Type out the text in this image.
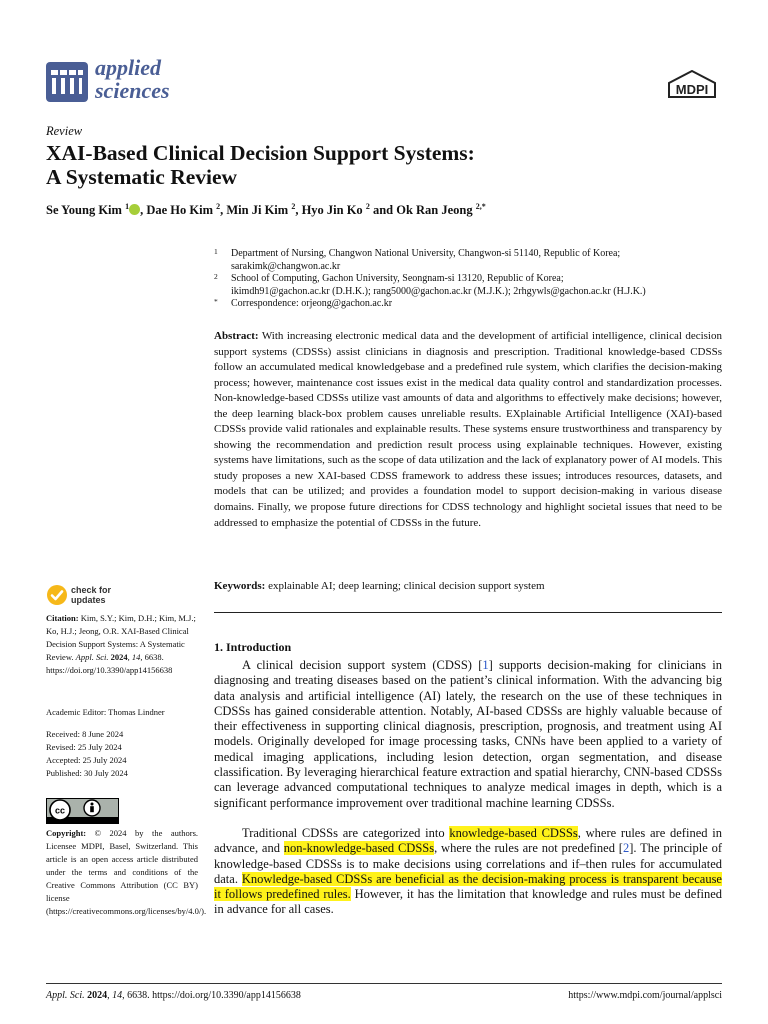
applied
sciences	MDPI
Review
XAI-Based Clinical Decision Support Systems:
A Systematic Review
Se Young Kim $^1$ , Dae Ho Kim $^2$, Min Ji Kim $^2$, Hyo Jin Ko $^2$ and Ok Ran Jeong $^{2,*}$
1 Department of Nursing, Changwon National University, Changwon-si 51140, Republic of Korea;
sarakimk@changwon.ac.kr
2 School of Computing, Gachon University, Seongnam-si 13120, Republic of Korea;
ikimdh91@gachon.ac.kr (D.H.K.); rang5000@gachon.ac.kr (M.J.K.); 2rhgywls@gachon.ac.kr (H.J.K.)
* Correspondence: orjeong@gachon.ac.kr

Abstract: With increasing electronic medical data and the development of artificial intelligence, clinical decision support systems (CDSSs) assist clinicians in diagnosis and prescription. Traditional knowledge-based CDSSs follow an accumulated medical knowledgebase and a predefined rule system, which clarifies the decision-making process; however, maintenance cost issues exist in the medical data quality control and standardization processes. Non-knowledge-based CDSSs utilize vast amounts of data and algorithms to effectively make decisions; however, the deep learning black-box problem causes unreliable results. EXplainable Artificial Intelligence (XAI)-based CDSSs provide valid rationales and explainable results. These systems ensure trustworthiness and transparency by showing the recommendation and prediction result process using explainable techniques. However, existing systems have limitations, such as the scope of data utilization and the lack of explanatory power of AI models. This study proposes a new XAI-based CDSS framework to address these issues; introduces resources, datasets, and models that can be utilized; and provides a foundation model to support decision-making in various disease domains. Finally, we propose future directions for CDSS technology and highlight societal issues that need to be addressed to emphasize the potential of CDSSs in the future.

Keywords: explainable AI; deep learning; clinical decision support system
1. Introduction

A clinical decision support system (CDSS) [1] supports decision-making for clinicians in diagnosing and treating diseases based on the patient’s clinical information. With the advancing big data analysis and artificial intelligence (AI) lately, the research on the use of these techniques in CDSSs has gained considerable attention. Notably, AI-based CDSSs are highly valuable because of their effectiveness in supporting clinical diagnosis, prescription, prognosis, and treatment using AI models. Originally developed for image processing tasks, CNNs have been applied to a variety of medical imaging applications, including lesion detection, organ segmentation, and disease classification. By leveraging hierarchical feature extraction and spatial hierarchy, CNN-based CDSSs can leverage advanced computational techniques to analyze medical images in depth, which is a significant performance improvement over traditional machine learning CDSSs.

Traditional CDSSs are categorized into knowledge-based CDSSs, where rules are defined in advance, and non-knowledge-based CDSSs, where the rules are not predefined [2]. The principle of knowledge-based CDSSs is to make decisions using correlations and if–then rules for accumulated data. Knowledge-based CDSSs are beneficial as the decision-making process is transparent because it follows predefined rules. However, it has the limitation that knowledge and rules must be defined in advance for all cases.

check for
updates
Citation: Kim, S.Y.; Kim, D.H.; Kim, M.J.; Ko, H.J.; Jeong, O.R. XAI-Based Clinical Decision Support Systems: A Systematic Review. Appl. Sci. 2024, 14, 6638. https://doi.org/10.3390/app14156638
Academic Editor: Thomas Lindner
Received: 8 June 2024
Revised: 25 July 2024
Accepted: 25 July 2024
Published: 30 July 2024
cc
Copyright: © 2024 by the authors. Licensee MDPI, Basel, Switzerland. This article is an open access article distributed under the terms and conditions of the Creative Commons Attribution (CC BY) license (https://creativecommons.org/licenses/by/4.0/).
Appl. Sci. 2024, 14, 6638. https://doi.org/10.3390/app14156638	https://www.mdpi.com/journal/applsci
